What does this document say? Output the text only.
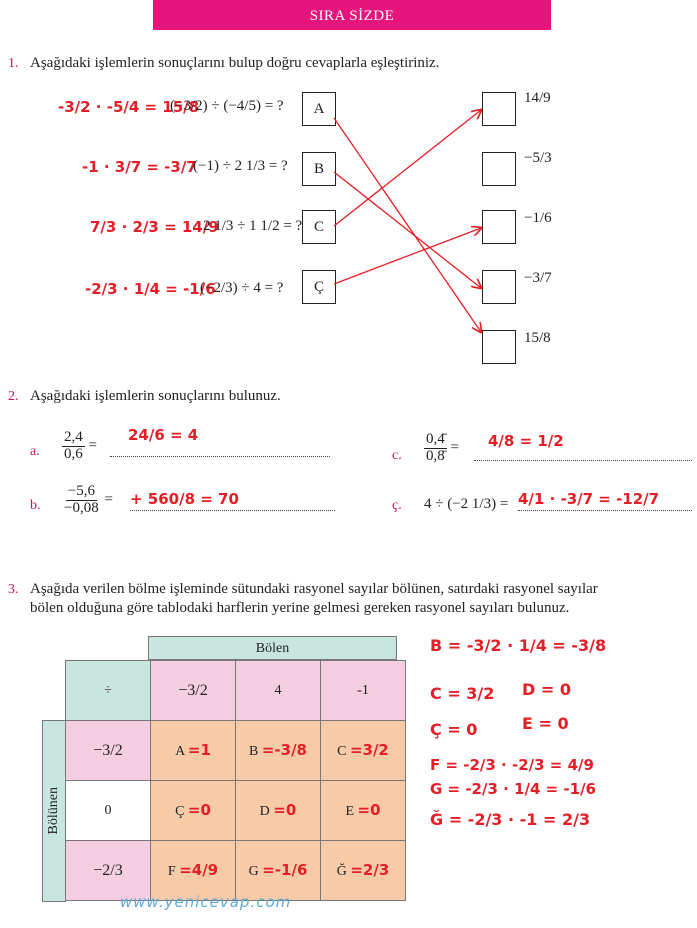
SIRA SİZDE
1. Aşağıdaki işlemlerin sonuçlarını bulup doğru cevaplarla eşleştiriniz.
-3/2 · -5/4 = 15/8
-1 · 3/7 = -3/7
7/3 · 2/3 = 14/9
-2/3 · 1/4 = -1/6
(−3/2) ÷ (−4/5) = ?
(−1) ÷ 2 1/3 = ?
2 1/3 ÷ 1 1/2 = ?
(−2/3) ÷ 4 = ?
A
B
C
Ç
14/9
−5/3
−1/6
−3/7
15/8
2. Aşağıdaki işlemlerin sonuçlarını bulunuz.
a. $\frac{2,4}{0,6}$ =
24/6 = 4
b. $\frac{-5,6}{-0,08}$ = + 560/8 = 70
c. $\frac{0,4̄}{0,8̄} = 4/8 = 1/2$
ç. 4 ÷ (−2 1/3) = 4/1 · -3/7 = -12/7
3. Aşağıda verilen bölme işleminde sütundaki rasyonel sayılar bölünen, satırdaki rasyonel sayılar
bölen olduğuna göre tablodaki harflerin yerine gelmesi gereken rasyonel sayıları bulunuz.
Bölen
Bölünen
÷	−3/2	4	-1
−3/2	A =1	B =-3/8	C =3/2
0	Ç =0	D =0	E =0
−2/3	F =4/9	G =-1/6	Ğ =2/3
B = -3/2 · 1/4 = -3/8
C = 3/2 D = 0
Ç = 0	E = 0
F = -2/3 · -2/3 = 4/9
G = -2/3 · 1/4 = -1/6
Ğ = -2/3 · -1 = 2/3
www.yenicevap.com
